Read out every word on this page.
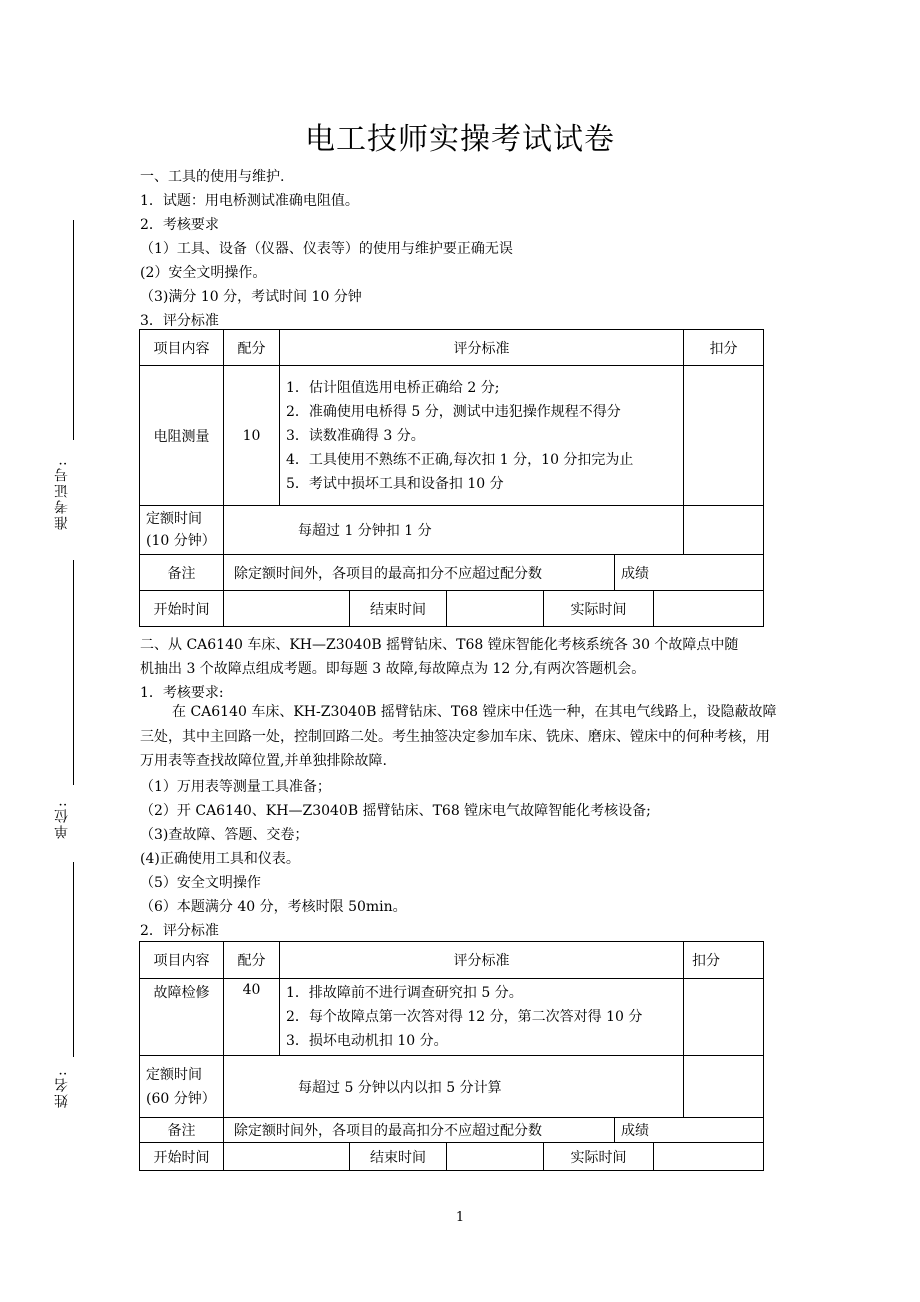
准考证号:
单位:
姓名:
电工技师实操考试试卷
一、工具的使用与维护.
1．试题：用电桥测试准确电阻值。
2．考核要求
（1）工具、设备（仪器、仪表等）的使用与维护要正确无误
(2）安全文明操作。
（3)满分 10 分，考试时间 10 分钟
3．评分标准
项目内容	配分	评分标准						扣分
电阻测量	10	1．估计阻值选用电桥正确给 2 分;
2．准确使用电桥得 5 分，测试中违犯操作规程不得分
3．读数准确得 3 分。
4．工具使用不熟练不正确,每次扣 1 分，10 分扣完为止
5．考试中损坏工具和设备扣 10 分						

定额时间
(10 分钟）	每超过 1 分钟扣 1 分							
备注	除定额时间外，各项目的最高扣分不应超过配分数					成绩		
开始时间			结束时间		实际时间			
二、从 CA6140 车床、KH—Z3040B 摇臂钻床、T68 镗床智能化考核系统各 30 个故障点中随
机抽出 3 个故障点组成考题。即每题 3 故障,每故障点为 12 分,有两次答题机会。
1．考核要求:
在 CA6140 车床、KH-Z3040B 摇臂钻床、T68 镗床中任选一种，在其电气线路上，设隐蔽故障三处，其中主回路一处，控制回路二处。考生抽签决定参加车床、铣床、磨床、镗床中的何种考核，用万用表等查找故障位置,并单独排除故障.
（1）万用表等测量工具准备；
（2）开 CA6140、KH—Z3040B 摇臂钻床、T68 镗床电气故障智能化考核设备;
（3)查故障、答题、交卷；
(4)正确使用工具和仪表。
（5）安全文明操作
（6）本题满分 40 分，考核时限 50min。
2．评分标准
项目内容	配分	评分标准						扣分
故障检修	40	1．排故障前不进行调查研究扣 5 分。
2．每个故障点第一次答对得 12 分，第二次答对得 10 分
3．损坏电动机扣 10 分。						

定额时间
(60 分钟）	每超过 5 分钟以内以扣 5 分计算							
备注	除定额时间外，各项目的最高扣分不应超过配分数					成绩		
开始时间			结束时间		实际时间			
1
